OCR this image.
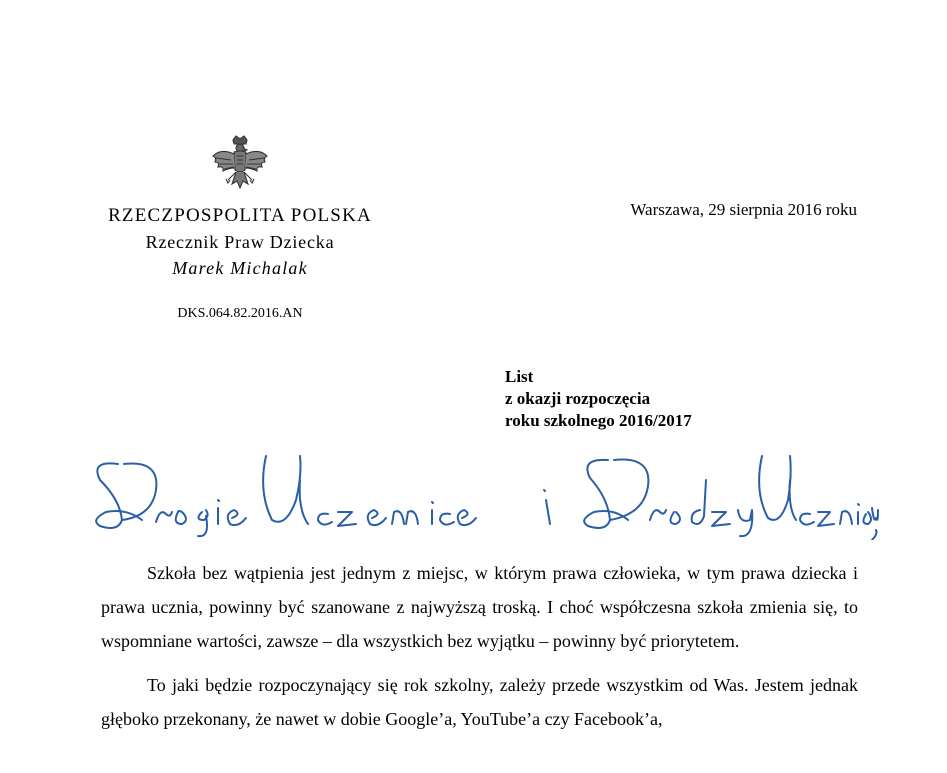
RZECZPOSPOLITA POLSKA
Rzecznik Praw Dziecka
Marek Michalak
DKS.064.82.2016.AN
Warszawa, 29 sierpnia 2016 roku
List
z okazji rozpoczęcia
roku szkolnego 2016/2017

Szkoła bez wątpienia jest jednym z miejsc, w którym prawa człowieka, w tym prawa dziecka i prawa ucznia, powinny być szanowane z najwyższą troską. I choć współczesna szkoła zmienia się, to wspomniane wartości, zawsze – dla wszystkich bez wyjątku – powinny być priorytetem.

To jaki będzie rozpoczynający się rok szkolny, zależy przede wszystkim od Was. Jestem jednak głęboko przekonany, że nawet w dobie Google’a, YouTube’a czy Facebook’a,
